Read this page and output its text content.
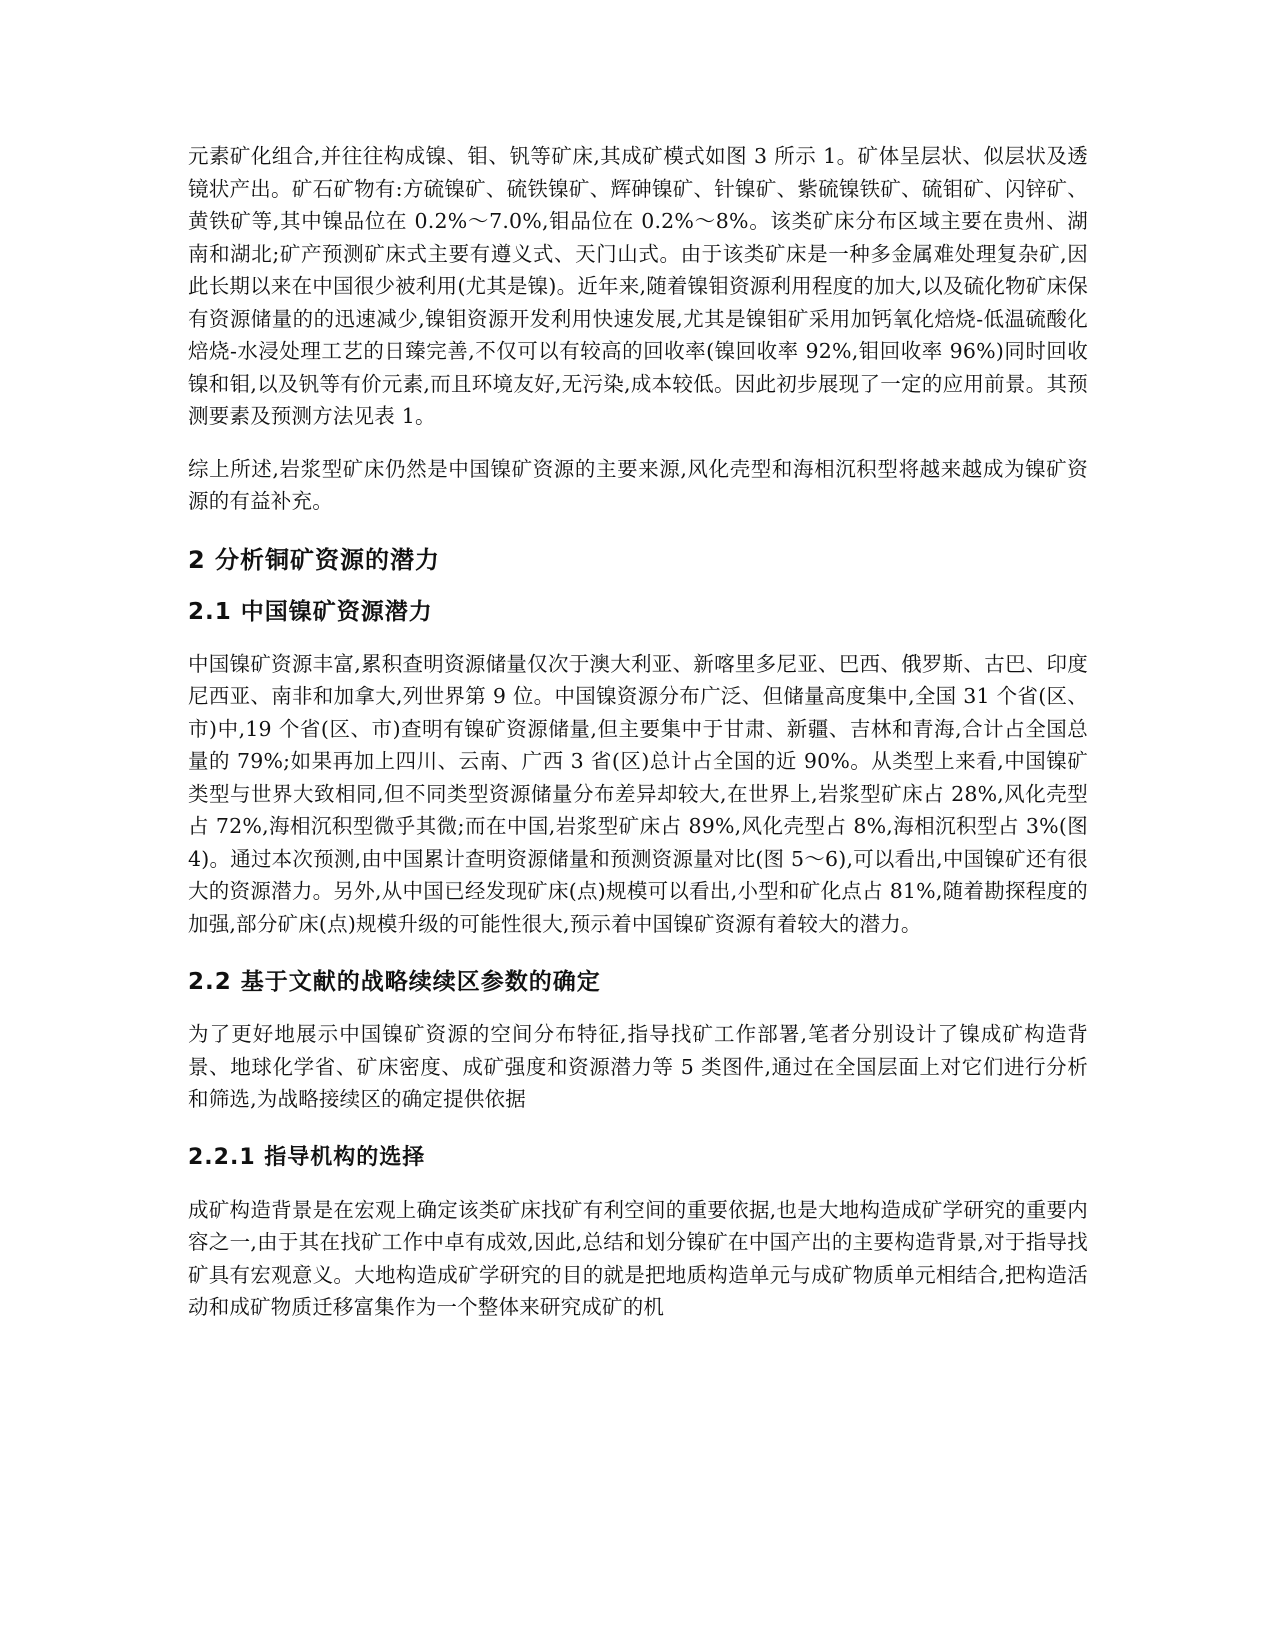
元素矿化组合,并往往构成镍、钼、钒等矿床,其成矿模式如图 3 所示 1。矿体呈层状、似层状及透镜状产出。矿石矿物有:方硫镍矿、硫铁镍矿、辉砷镍矿、针镍矿、紫硫镍铁矿、硫钼矿、闪锌矿、黄铁矿等,其中镍品位在 0.2%～7.0%,钼品位在 0.2%～8%。该类矿床分布区域主要在贵州、湖南和湖北;矿产预测矿床式主要有遵义式、天门山式。由于该类矿床是一种多金属难处理复杂矿,因此长期以来在中国很少被利用(尤其是镍)。近年来,随着镍钼资源利用程度的加大,以及硫化物矿床保有资源储量的的迅速减少,镍钼资源开发利用快速发展,尤其是镍钼矿采用加钙氧化焙烧-低温硫酸化焙烧-水浸处理工艺的日臻完善,不仅可以有较高的回收率(镍回收率 92%,钼回收率 96%)同时回收镍和钼,以及钒等有价元素,而且环境友好,无污染,成本较低。因此初步展现了一定的应用前景。其预测要素及预测方法见表 1。

综上所述,岩浆型矿床仍然是中国镍矿资源的主要来源,风化壳型和海相沉积型将越来越成为镍矿资源的有益补充。

2 分析铜矿资源的潜力
2.1 中国镍矿资源潜力

中国镍矿资源丰富,累积查明资源储量仅次于澳大利亚、新喀里多尼亚、巴西、俄罗斯、古巴、印度尼西亚、南非和加拿大,列世界第 9 位。中国镍资源分布广泛、但储量高度集中,全国 31 个省(区、市)中,19 个省(区、市)查明有镍矿资源储量,但主要集中于甘肃、新疆、吉林和青海,合计占全国总量的 79%;如果再加上四川、云南、广西 3 省(区)总计占全国的近 90%。从类型上来看,中国镍矿类型与世界大致相同,但不同类型资源储量分布差异却较大,在世界上,岩浆型矿床占 28%,风化壳型占 72%,海相沉积型微乎其微;而在中国,岩浆型矿床占 89%,风化壳型占 8%,海相沉积型占 3%(图 4)。通过本次预测,由中国累计查明资源储量和预测资源量对比(图 5～6),可以看出,中国镍矿还有很大的资源潜力。另外,从中国已经发现矿床(点)规模可以看出,小型和矿化点占 81%,随着勘探程度的加强,部分矿床(点)规模升级的可能性很大,预示着中国镍矿资源有着较大的潜力。

2.2 基于文献的战略续续区参数的确定

为了更好地展示中国镍矿资源的空间分布特征,指导找矿工作部署,笔者分别设计了镍成矿构造背景、地球化学省、矿床密度、成矿强度和资源潜力等 5 类图件,通过在全国层面上对它们进行分析和筛选,为战略接续区的确定提供依据

2.2.1 指导机构的选择

成矿构造背景是在宏观上确定该类矿床找矿有利空间的重要依据,也是大地构造成矿学研究的重要内容之一,由于其在找矿工作中卓有成效,因此,总结和划分镍矿在中国产出的主要构造背景,对于指导找矿具有宏观意义。大地构造成矿学研究的目的就是把地质构造单元与成矿物质单元相结合,把构造活动和成矿物质迁移富集作为一个整体来研究成矿的机
